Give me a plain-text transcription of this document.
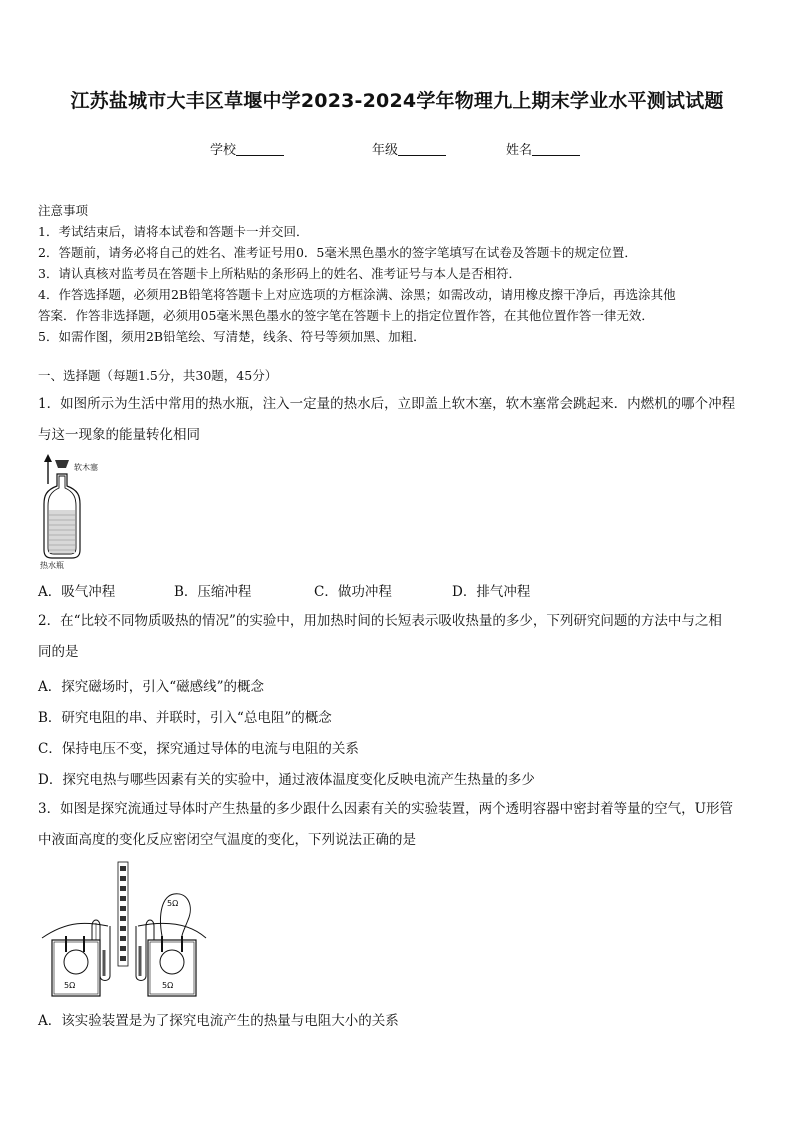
江苏盐城市大丰区草堰中学2023-2024学年物理九上期末学业水平测试试题
学校	年级	姓名

注意事项

1．考试结束后，请将本试卷和答题卡一并交回．

2．答题前，请务必将自己的姓名、准考证号用0．5毫米黑色墨水的签字笔填写在试卷及答题卡的规定位置．

3．请认真核对监考员在答题卡上所粘贴的条形码上的姓名、准考证号与本人是否相符．

4．作答选择题，必须用2B铅笔将答题卡上对应选项的方框涂满、涂黑；如需改动，请用橡皮擦干净后，再选涂其他

答案．作答非选择题，必须用05毫米黑色墨水的签字笔在答题卡上的指定位置作答，在其他位置作答一律无效．

5．如需作图，须用2B铅笔绘、写清楚，线条、符号等须加黑、加粗．

一、选择题（每题1.5分，共30题，45分）
1．如图所示为生活中常用的热水瓶，注入一定量的热水后，立即盖上软木塞，软木塞常会跳起来．内燃机的哪个冲程
与这一现象的能量转化相同
软木塞
热水瓶
A．吸气冲程	B．压缩冲程	C．做功冲程	D．排气冲程
2．在“比较不同物质吸热的情况”的实验中，用加热时间的长短表示吸收热量的多少，下列研究问题的方法中与之相
同的是
A．探究磁场时，引入“磁感线”的概念
B．研究电阻的串、并联时，引入“总电阻”的概念
C．保持电压不变，探究通过导体的电流与电阻的关系
D．探究电热与哪些因素有关的实验中，通过液体温度变化反映电流产生热量的多少
3．如图是探究流通过导体时产生热量的多少跟什么因素有关的实验装置，两个透明容器中密封着等量的空气，U形管
中液面高度的变化反应密闭空气温度的变化，下列说法正确的是
5Ω	5Ω
5Ω
A．该实验装置是为了探究电流产生的热量与电阻大小的关系
